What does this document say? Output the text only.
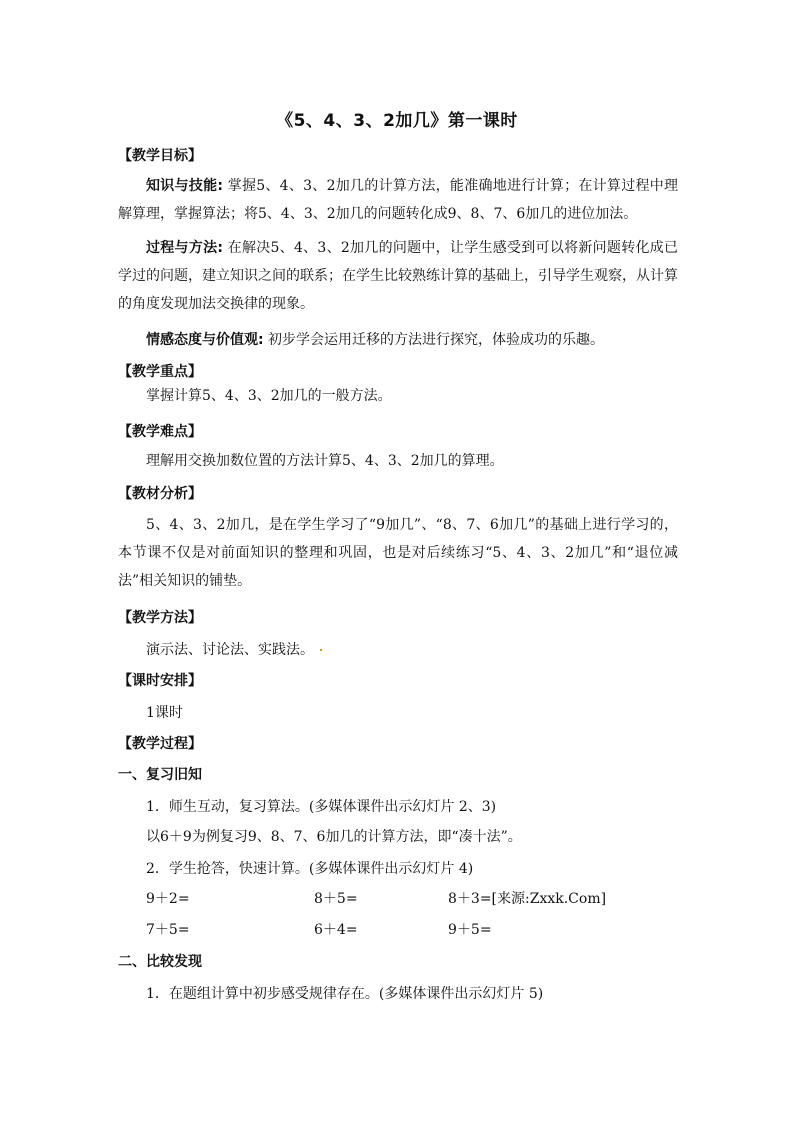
《5、4、3、2加几》第一课时
【教学目标】
知识与技能: 掌握5、4、3、2加几的计算方法，能准确地进行计算；在计算过程中理解算理，掌握算法；将5、4、3、2加几的问题转化成9、8、7、6加几的进位加法。
过程与方法: 在解决5、4、3、2加几的问题中，让学生感受到可以将新问题转化成已学过的问题，建立知识之间的联系；在学生比较熟练计算的基础上，引导学生观察，从计算的角度发现加法交换律的现象。
情感态度与价值观: 初步学会运用迁移的方法进行探究，体验成功的乐趣。
【教学重点】
掌握计算5、4、3、2加几的一般方法。
【教学难点】
理解用交换加数位置的方法计算5、4、3、2加几的算理。
【教材分析】
5、4、3、2加几，是在学生学习了“9加几”、“8、7、6加几”的基础上进行学习的，本节课不仅是对前面知识的整理和巩固，也是对后续练习“5、4、3、2加几”和“退位减法”相关知识的铺垫。
【教学方法】
演示法、讨论法、实践法。
【课时安排】
1课时
【教学过程】
一、复习旧知
1．师生互动，复习算法。(多媒体课件出示幻灯片 2、3)
以6＋9为例复习9、8、7、6加几的计算方法，即“凑十法”。
2．学生抢答，快速计算。(多媒体课件出示幻灯片 4)
9＋2=	8＋5=	8＋3=[来源:Zxxk.Com]
7＋5=	6＋4=	9＋5=
二、比较发现
1．在题组计算中初步感受规律存在。(多媒体课件出示幻灯片 5)
